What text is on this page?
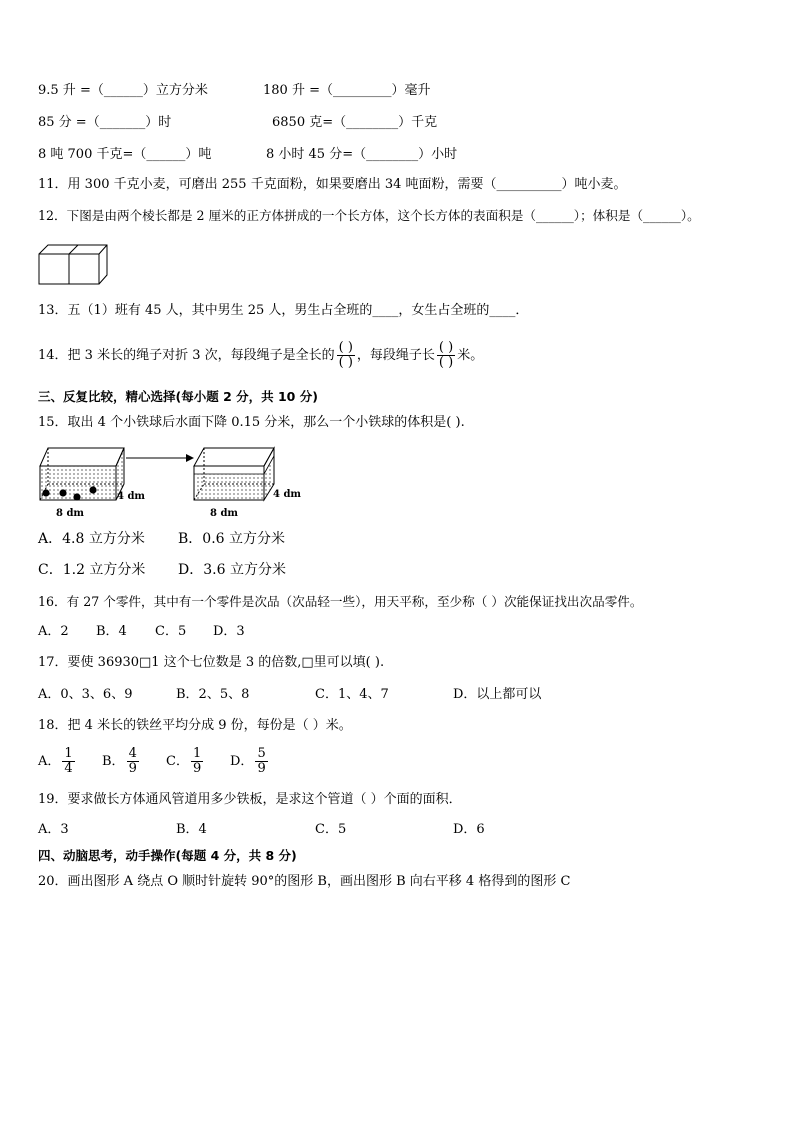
9.5 升 =（______）立方分米	180 升 =（_________）毫升
85 分 =（_______）时	6850 克=（________）千克
8 吨 700 千克=（______）吨	8 小时 45 分=（________）小时
11．用 300 千克小麦，可磨出 255 千克面粉，如果要磨出 34 吨面粉，需要（__________）吨小麦。
12．下图是由两个棱长都是 2 厘米的正方体拼成的一个长方体，这个长方体的表面积是（______）；体积是（______）。
13．五（1）班有 45 人，其中男生 25 人，男生占全班的____，女生占全班的____．
14．把 3 米长的绳子对折 3 次，每段绳子是全长的 $\frac{( )}{( )}$ ，每段绳子长 $\frac{( )}{( )}$ 米。
三、反复比较，精心选择(每小题 2 分，共 10 分)
15．取出 4 个小铁球后水面下降 0.15 分米，那么一个小铁球的体积是( ).
4 dm
8 dm
4 dm
8 dm
A．4.8 立方分米 B．0.6 立方分米
C．1.2 立方分米 D．3.6 立方分米
16．有 27 个零件，其中有一个零件是次品（次品轻一些），用天平称，至少称（ ）次能保证找出次品零件。
A．2 B．4 C．5 D．3
17．要使 36930□1 这个七位数是 3 的倍数,□里可以填( ).
A．0、3、6、9	B．2、5、8	C．1、4、7	D．以上都可以
18．把 4 米长的铁丝平均分成 9 份，每份是（ ）米。
A． $\frac{1}{4}$ B． $\frac{4}{9}$ C． $\frac{1}{9}$ D． $\frac{5}{9}$
19．要求做长方体通风管道用多少铁板，是求这个管道（ ）个面的面积．
A．3	B．4	C．5	D．6
四、动脑思考，动手操作(每题 4 分，共 8 分)
20．画出图形 A 绕点 O 顺时针旋转 90°的图形 B，画出图形 B 向右平移 4 格得到的图形 C
